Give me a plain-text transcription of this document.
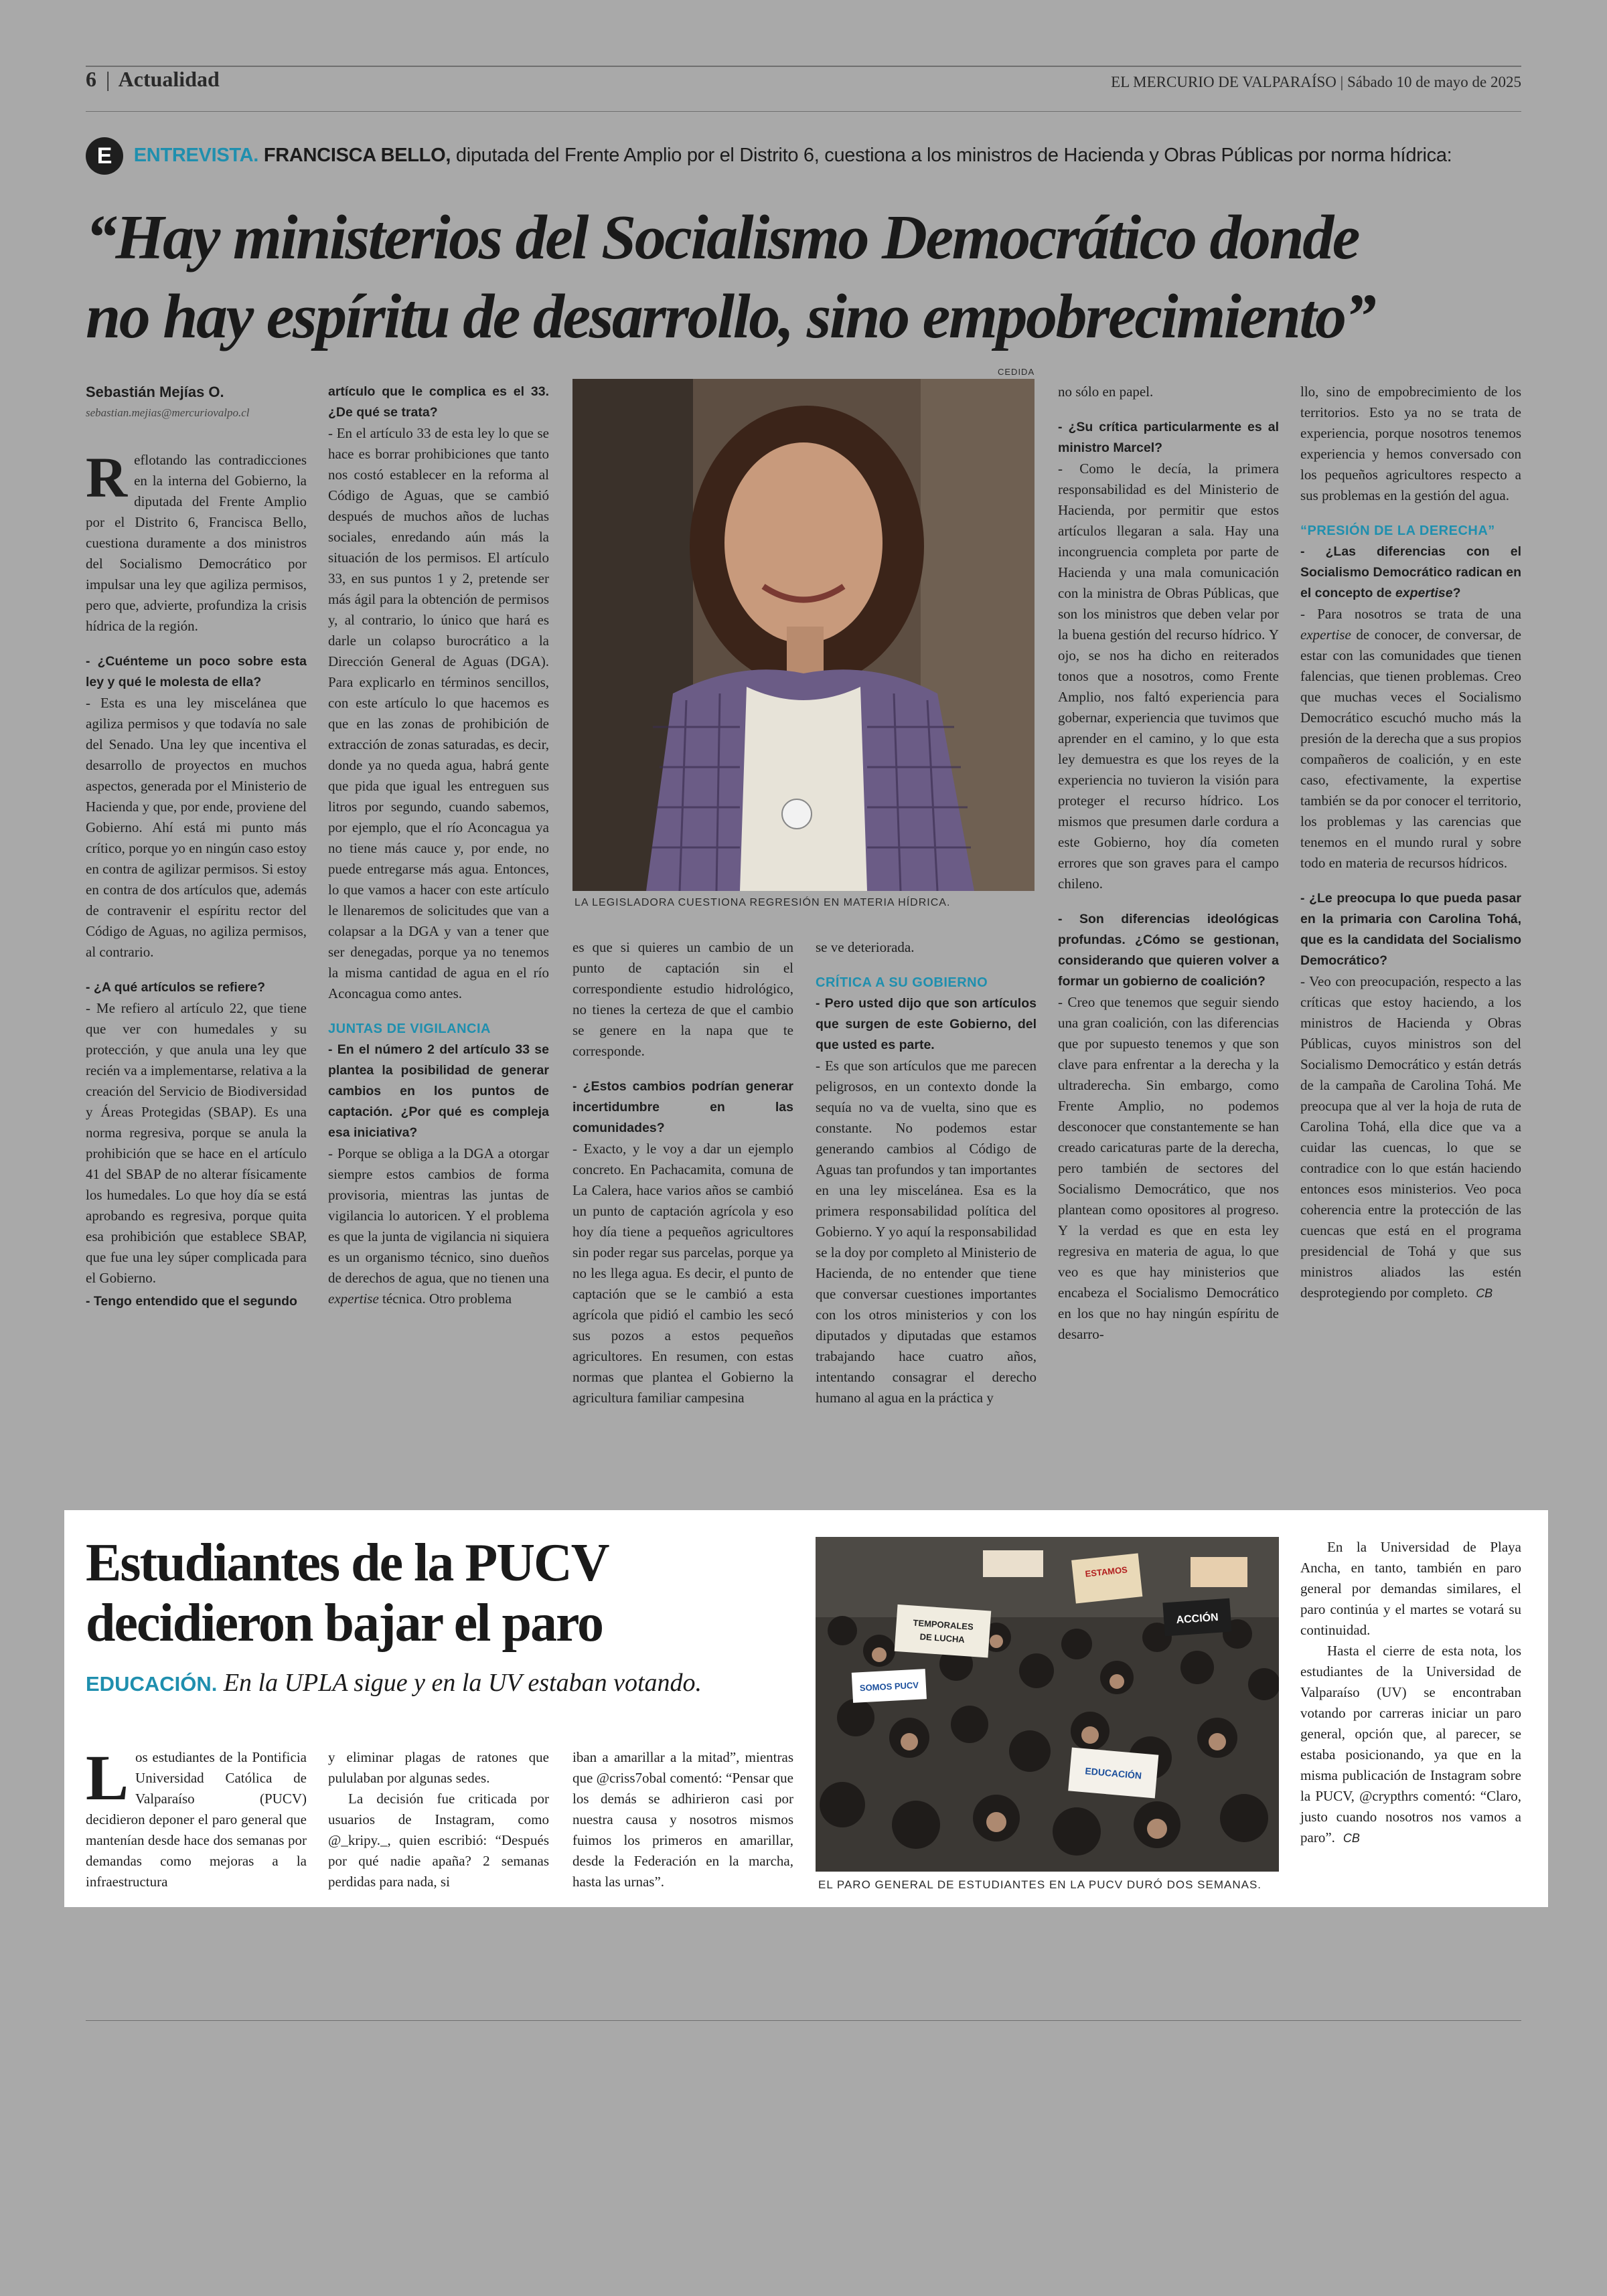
6 | Actualidad	EL MERCURIO DE VALPARAÍSO | Sábado 10 de mayo de 2025
E ENTREVISTA. FRANCISCA BELLO, diputada del Frente Amplio por el Distrito 6, cuestiona a los ministros de Hacienda y Obras Públicas por norma hídrica:
“Hay ministerios del Socialismo Democrático donde
no hay espíritu de desarrollo, sino empobrecimiento”

Sebastián Mejías O.

sebastian.mejias@mercuriovalpo.cl

Reflotando las contradicciones en la interna del Gobierno, la diputada del Frente Amplio por el Distrito 6, Francisca Bello, cuestiona duramente a dos ministros del Socialismo Democrático por impulsar una ley que agiliza permisos, pero que, advierte, profundiza la crisis hídrica de la región.

- ¿Cuénteme un poco sobre esta ley y qué le molesta de ella?

- Esta es una ley miscelánea que agiliza permisos y que todavía no sale del Senado. Una ley que incentiva el desarrollo de proyectos en muchos aspectos, generada por el Ministerio de Hacienda y que, por ende, proviene del Gobierno. Ahí está mi punto más crítico, porque yo en ningún caso estoy en contra de agilizar permisos. Si estoy en contra de dos artículos que, además de contravenir el espíritu rector del Código de Aguas, no agiliza permisos, al contrario.

- ¿A qué artículos se refiere?

- Me refiero al artículo 22, que tiene que ver con humedales y su protección, y que anula una ley que recién va a implementarse, relativa a la creación del Servicio de Biodiversidad y Áreas Protegidas (SBAP). Es una norma regresiva, porque se anula la prohibición que se hace en el artículo 41 del SBAP de no alterar físicamente los humedales. Lo que hoy día se está aprobando es regresiva, porque quita esa prohibición que establece SBAP, que fue una ley súper complicada para el Gobierno.

- Tengo entendido que el segundo

artículo que le complica es el 33. ¿De qué se trata?

- En el artículo 33 de esta ley lo que se hace es borrar prohibiciones que tanto nos costó establecer en la reforma al Código de Aguas, que se cambió después de muchos años de luchas sociales, enredando aún más la situación de los permisos. El artículo 33, en sus puntos 1 y 2, pretende ser más ágil para la obtención de permisos y, al contrario, lo único que hará es darle un colapso burocrático a la Dirección General de Aguas (DGA). Para explicarlo en términos sencillos, con este artículo lo que hacemos es que en las zonas de prohibición de extracción de zonas saturadas, es decir, donde ya no queda agua, habrá gente que pida que igual les entreguen sus litros por segundo, cuando sabemos, por ejemplo, que el río Aconcagua ya no tiene más cauce y, por ende, no puede entregarse más agua. Entonces, lo que vamos a hacer con este artículo le llenaremos de solicitudes que van a colapsar a la DGA y van a tener que ser denegadas, porque ya no tenemos la misma cantidad de agua en el río Aconcagua como antes.

JUNTAS DE VIGILANCIA

- En el número 2 del artículo 33 se plantea la posibilidad de generar cambios en los puntos de captación. ¿Por qué es compleja esa iniciativa?

- Porque se obliga a la DGA a otorgar siempre estos cambios de forma provisoria, mientras las juntas de vigilancia lo autoricen. Y el problema es que la junta de vigilancia ni siquiera es un organismo técnico, sino dueños de derechos de agua, que no tienen una expertise técnica. Otro problema

CEDIDA
LA LEGISLADORA CUESTIONA REGRESIÓN EN MATERIA HÍDRICA.

es que si quieres un cambio de un punto de captación sin el correspondiente estudio hidrológico, no tienes la certeza de que el cambio se genere en la napa que te corresponde.

- ¿Estos cambios podrían generar incertidumbre en las comunidades?

- Exacto, y le voy a dar un ejemplo concreto. En Pachacamita, comuna de La Calera, hace varios años se cambió un punto de captación agrícola y eso hoy día tiene a pequeños agricultores sin poder regar sus parcelas, porque ya no les llega agua. Es decir, el punto de captación que se le cambió a esta agrícola que pidió el cambio les secó sus pozos a estos pequeños agricultores. En resumen, con estas normas que plantea el Gobierno la agricultura familiar campesina

se ve deteriorada.

CRÍTICA A SU GOBIERNO

- Pero usted dijo que son artículos que surgen de este Gobierno, del que usted es parte.

- Es que son artículos que me parecen peligrosos, en un contexto donde la sequía no va de vuelta, sino que es constante. No podemos estar generando cambios al Código de Aguas tan profundos y tan importantes en una ley miscelánea. Esa es la primera responsabilidad política del Gobierno. Y yo aquí la responsabilidad se la doy por completo al Ministerio de Hacienda, de no entender que tiene que conversar cuestiones importantes con los otros ministerios y con los diputados y diputadas que estamos trabajando hace cuatro años, intentando consagrar el derecho humano al agua en la práctica y

no sólo en papel.

- ¿Su crítica particularmente es al ministro Marcel?

- Como le decía, la primera responsabilidad es del Ministerio de Hacienda, por permitir que estos artículos llegaran a sala. Hay una incongruencia completa por parte de Hacienda y una mala comunicación con la ministra de Obras Públicas, que son los ministros que deben velar por la buena gestión del recurso hídrico. Y ojo, se nos ha dicho en reiterados tonos que a nosotros, como Frente Amplio, nos faltó experiencia para gobernar, experiencia que tuvimos que aprender en el camino, y lo que esta ley demuestra es que los reyes de la experiencia no tuvieron la visión para proteger el recurso hídrico. Los mismos que presumen darle cordura a este Gobierno, hoy día cometen errores que son graves para el campo chileno.

- Son diferencias ideológicas profundas. ¿Cómo se gestionan, considerando que quieren volver a formar un gobierno de coalición?

- Creo que tenemos que seguir siendo una gran coalición, con las diferencias que por supuesto tenemos y que son clave para enfrentar a la derecha y la ultraderecha. Sin embargo, como Frente Amplio, no podemos desconocer que constantemente se han creado caricaturas parte de la derecha, pero también de sectores del Socialismo Democrático, que nos plantean como opositores al progreso. Y la verdad es que en esta ley regresiva en materia de agua, lo que veo es que hay ministerios que encabeza el Socialismo Democrático en los que no hay ningún espíritu de desarro-

llo, sino de empobrecimiento de los territorios. Esto ya no se trata de experiencia, porque nosotros tenemos experiencia y hemos conversado con los pequeños agricultores respecto a sus problemas en la gestión del agua.

“PRESIÓN DE LA DERECHA”

- ¿Las diferencias con el Socialismo Democrático radican en el concepto de expertise?

- Para nosotros se trata de una expertise de conocer, de conversar, de estar con las comunidades que tienen falencias, que tienen problemas. Creo que muchas veces el Socialismo Democrático escuchó mucho más la presión de la derecha que a sus propios compañeros de coalición, y en este caso, efectivamente, la expertise también se da por conocer el territorio, los problemas y las carencias que tenemos en el mundo rural y sobre todo en materia de recursos hídricos.

- ¿Le preocupa lo que pueda pasar en la primaria con Carolina Tohá, que es la candidata del Socialismo Democrático?

- Veo con preocupación, respecto a las críticas que estoy haciendo, a los ministros de Hacienda y Obras Públicas, cuyos ministros son del Socialismo Democrático y están detrás de la campaña de Carolina Tohá. Me preocupa que al ver la hoja de ruta de Carolina Tohá, ella dice que va a cuidar las cuencas, lo que se contradice con lo que están haciendo entonces esos ministerios. Veo poca coherencia entre la protección de las cuencas que está en el programa presidencial de Tohá y que sus ministros aliados las estén desprotegiendo por completo. CB

Estudiantes de la PUCV
decidieron bajar el paro
EDUCACIÓN. En la UPLA sigue y en la UV estaban votando.

Los estudiantes de la Pontificia Universidad Católica de Valparaíso (PUCV) decidieron deponer el paro general que mantenían desde hace dos semanas por demandas como mejoras a la infraestructura

y eliminar plagas de ratones que pululaban por algunas sedes.

La decisión fue criticada por usuarios de Instagram, como @_kripy._, quien escribió: “Después por qué nadie apaña? 2 semanas perdidas para nada, si

iban a amarillar a la mitad”, mientras que @criss7obal comentó: “Pensar que los demás se adhirieron casi por nuestra causa y nosotros mismos fuimos los primeros en amarillar, desde la Federación en la marcha, hasta las urnas”.

ESTAMOS
TEMPORALES
DE LUCHA
SOMOS PUCV
EDUCACIÓN
ACCIÓN
EL PARO GENERAL DE ESTUDIANTES EN LA PUCV DURÓ DOS SEMANAS.

En la Universidad de Playa Ancha, en tanto, también en paro general por demandas similares, el paro continúa y el martes se votará su continuidad.

Hasta el cierre de esta nota, los estudiantes de la Universidad de Valparaíso (UV) se encontraban votando por carreras iniciar un paro general, opción que, al parecer, se estaba posicionando, ya que en la misma publicación de Instagram sobre la PUCV, @crypthrs comentó: “Claro, justo cuando nosotros nos vamos a paro”. CB
